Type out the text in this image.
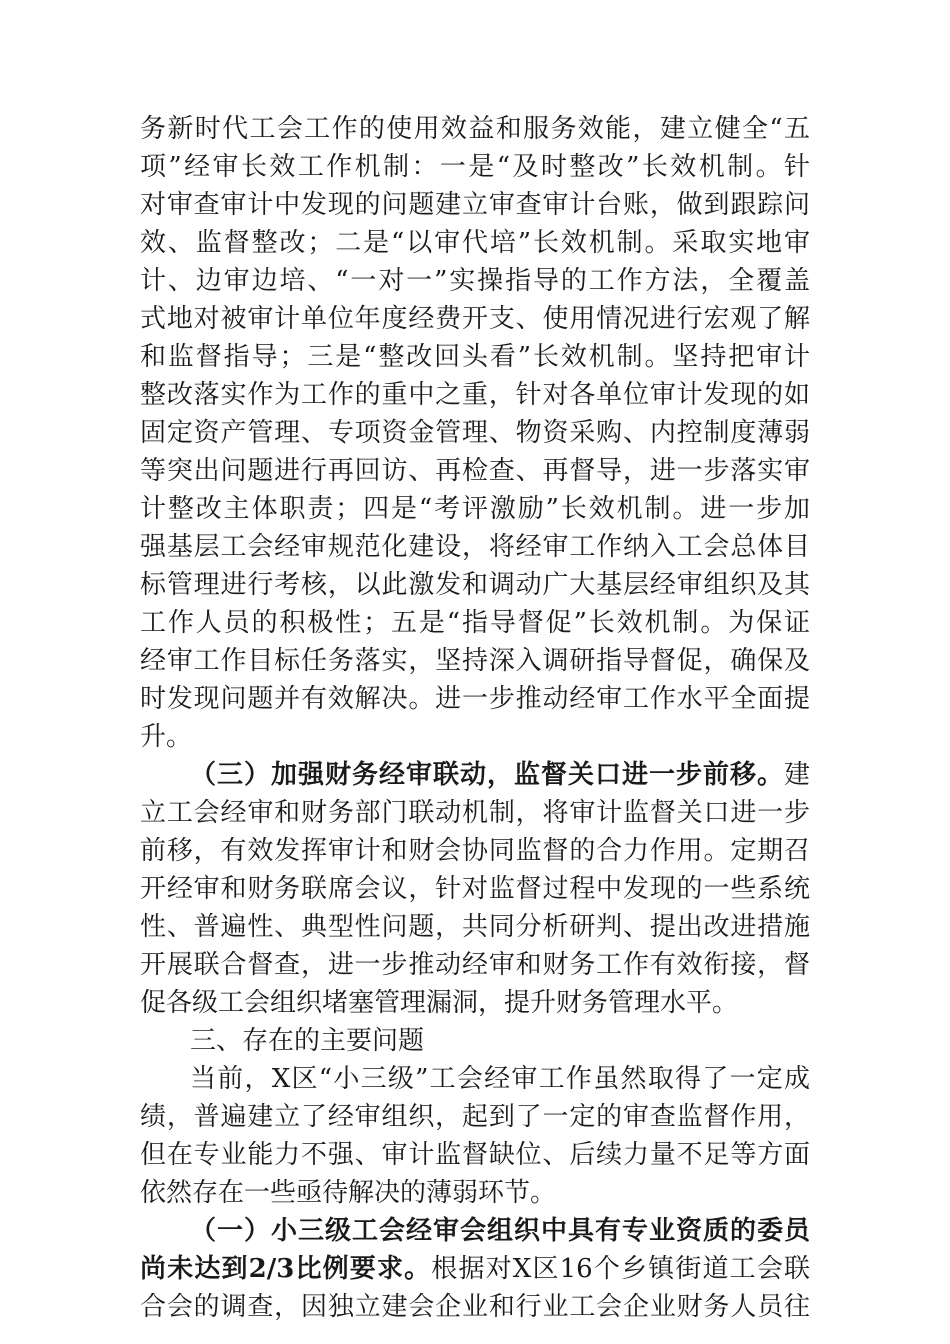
务新时代工会工作的使用效益和服务效能，建立健全“五
项”经审长效工作机制：一是“及时整改”长效机制。针
对审查审计中发现的问题建立审查审计台账，做到跟踪问
效、监督整改；二是“以审代培”长效机制。采取实地审
计、边审边培、“一对一”实操指导的工作方法，全覆盖
式地对被审计单位年度经费开支、使用情况进行宏观了解
和监督指导；三是“整改回头看”长效机制。坚持把审计
整改落实作为工作的重中之重，针对各单位审计发现的如
固定资产管理、专项资金管理、物资采购、内控制度薄弱
等突出问题进行再回访、再检查、再督导，进一步落实审
计整改主体职责；四是“考评激励”长效机制。进一步加
强基层工会经审规范化建设，将经审工作纳入工会总体目
标管理进行考核，以此激发和调动广大基层经审组织及其
工作人员的积极性；五是“指导督促”长效机制。为保证
经审工作目标任务落实，坚持深入调研指导督促，确保及
时发现问题并有效解决。进一步推动经审工作水平全面提
升。
（三）加强财务经审联动，监督关口进一步前移。建
立工会经审和财务部门联动机制，将审计监督关口进一步
前移，有效发挥审计和财会协同监督的合力作用。定期召
开经审和财务联席会议，针对监督过程中发现的一些系统
性、普遍性、典型性问题，共同分析研判、提出改进措施
开展联合督查，进一步推动经审和财务工作有效衔接，督
促各级工会组织堵塞管理漏洞，提升财务管理水平。
三、存在的主要问题
当前，X区“小三级”工会经审工作虽然取得了一定成
绩，普遍建立了经审组织，起到了一定的审查监督作用，
但在专业能力不强、审计监督缺位、后续力量不足等方面
依然存在一些亟待解决的薄弱环节。
（一）小三级工会经审会组织中具有专业资质的委员
尚未达到2/3比例要求。根据对X区16个乡镇街道工会联
合会的调查，因独立建会企业和行业工会企业财务人员往
